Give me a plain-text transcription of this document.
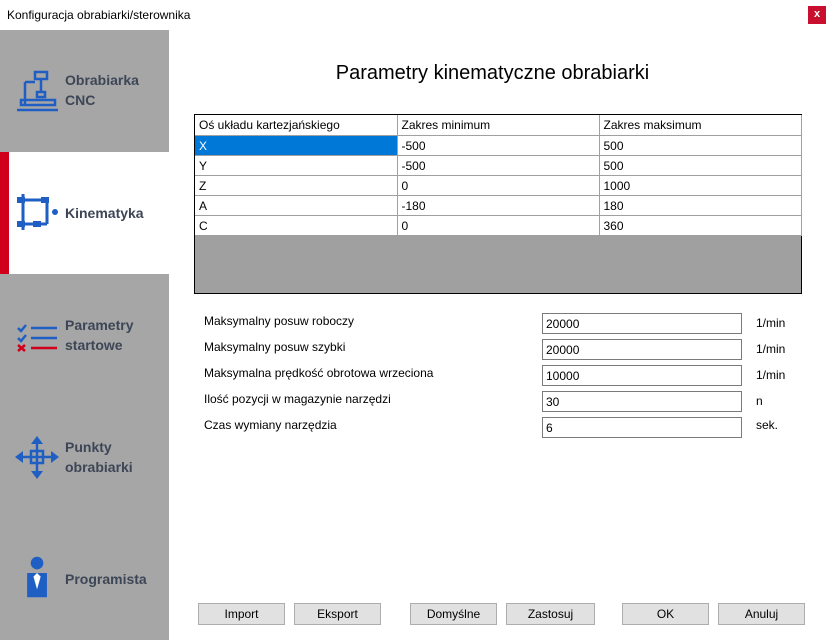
Konfiguracja obrabiarki/sterownika	x
Obrabiarka
CNC
Kinematyka
Parametry
startowe
Punkty
obrabiarki
Programista
Parametry kinematyczne obrabiarki
Oś układu kartezjańskiego	Zakres minimum	Zakres maksimum
X	-500	500
Y	-500	500
Z	0	1000
A	-180	180
C	0	360
Maksymalny posuw roboczy
20000	1/min
Maksymalny posuw szybki
20000	1/min
Maksymalna prędkość obrotowa wrzeciona
10000	1/min
Ilość pozycji w magazynie narzędzi
30	n
Czas wymiany narzędzia
6	sek.
Import	Eksport	Domyślne	Zastosuj	OK	Anuluj
